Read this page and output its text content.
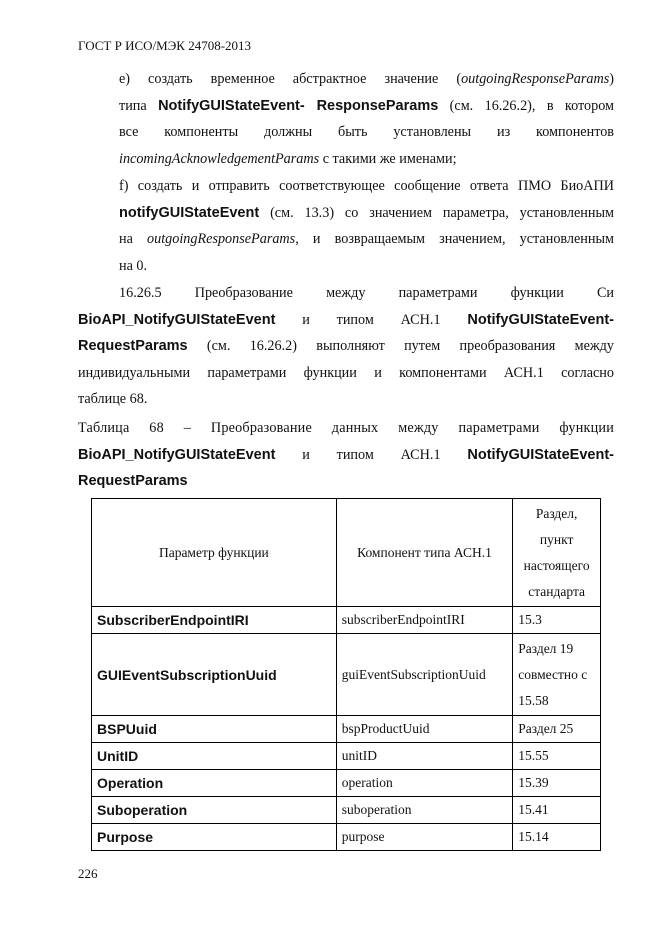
ГОСТ Р ИСО/МЭК 24708-2013
е) создать временное абстрактное значение (outgoingResponseParams)
типа NotifyGUIStateEvent- ResponseParams (см. 16.26.2), в котором
все компоненты должны быть установлены из компонентов
incomingAcknowledgementParams с такими же именами;
f) создать и отправить соответствующее сообщение ответа ПМО БиоАПИ
notifyGUIStateEvent (см. 13.3) со значением параметра, установленным
на outgoingResponseParams, и возвращаемым значением, установленным
на 0.
16.26.5 Преобразование между параметрами функции Си
BioAPI_NotifyGUIStateEvent и типом АСН.1 NotifyGUIStateEvent-
RequestParams (см. 16.26.2) выполняют путем преобразования между
индивидуальными параметрами функции и компонентами АСН.1 согласно
таблице 68.
Таблица 68 – Преобразование данных между параметрами функции
BioAPI_NotifyGUIStateEvent и типом АСН.1 NotifyGUIStateEvent-
RequestParams
Параметр функции	Компонент типа АСН.1	Раздел, пункт настоящего стандарта
SubscriberEndpointIRI	subscriberEndpointIRI	15.3
GUIEventSubscriptionUuid	guiEventSubscriptionUuid	Раздел 19 совместно с 15.58
BSPUuid	bspProductUuid	Раздел 25
UnitID	unitID	15.55
Operation	operation	15.39
Suboperation	suboperation	15.41
Purpose	purpose	15.14
226
